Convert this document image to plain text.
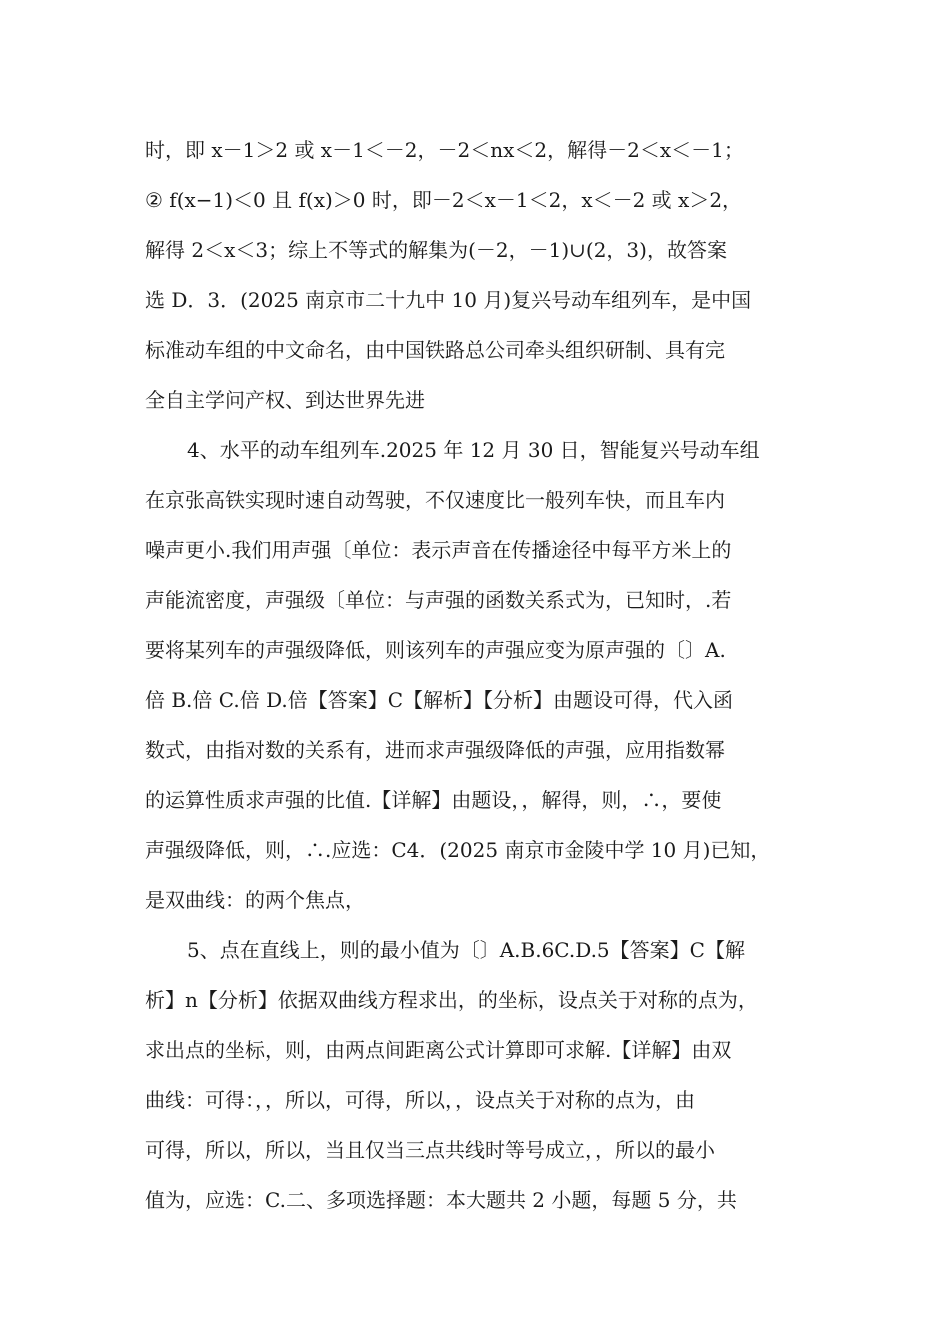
时，即 x－1＞2 或 x－1＜－2，－2＜nx＜2，解得－2＜x＜－1；
② f(x−1)＜0 且 f(x)＞0 时，即－2＜x－1＜2，x＜－2 或 x＞2，
解得 2＜x＜3；综上不等式的解集为(－2，－1)∪(2，3)，故答案
选 D．3．(2025 南京市二十九中 10 月)复兴号动车组列车，是中国
标准动车组的中文命名，由中国铁路总公司牵头组织研制、具有完
全自主学问产权、到达世界先进
4、水平的动车组列车.2025 年 12 月 30 日，智能复兴号动车组
在京张高铁实现时速自动驾驶，不仅速度比一般列车快，而且车内
噪声更小.我们用声强〔单位：表示声音在传播途径中每平方米上的
声能流密度，声强级〔单位：与声强的函数关系式为，已知时，.若
要将某列车的声强级降低，则该列车的声强应变为原声强的〔〕A.
倍 B.倍 C.倍 D.倍【答案】C【解析】【分析】由题设可得，代入函
数式，由指对数的关系有，进而求声强级降低的声强，应用指数幂
的运算性质求声强的比值.【详解】由题设，，解得，则，∴，要使
声强级降低，则，∴.应选：C4．(2025 南京市金陵中学 10 月)已知，
是双曲线：的两个焦点，
5、点在直线上，则的最小值为〔〕A.B.6C.D.5【答案】C【解
析】n【分析】依据双曲线方程求出，的坐标，设点关于对称的点为，
求出点的坐标，则，由两点间距离公式计算即可求解.【详解】由双
曲线：可得：，，所以，可得，所以，，设点关于对称的点为，由
可得，所以，所以，当且仅当三点共线时等号成立，，所以的最小
值为，应选：C.二、多项选择题：本大题共 2 小题，每题 5 分，共
